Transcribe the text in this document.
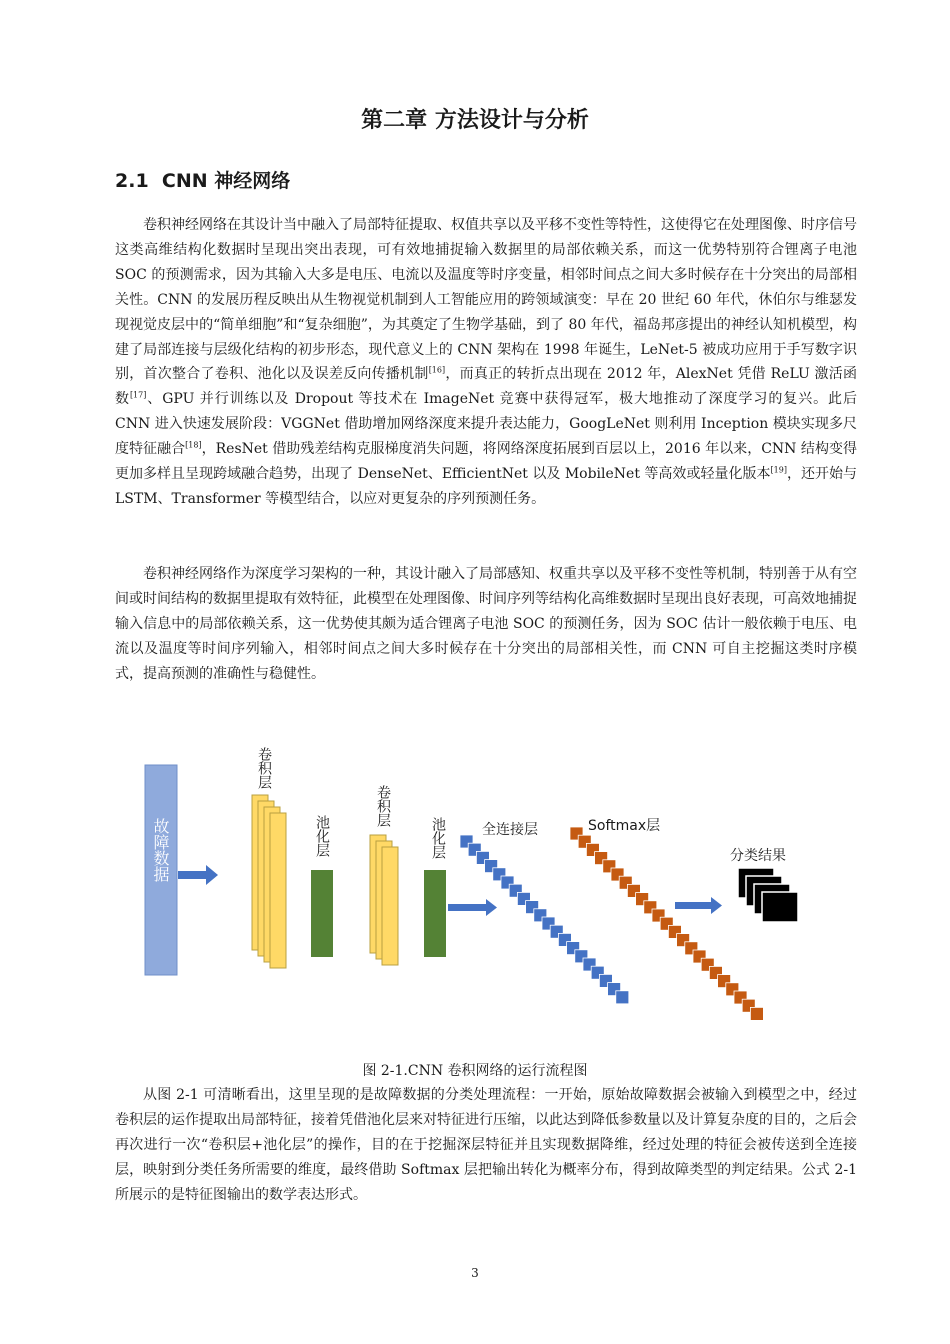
第二章 方法设计与分析
2.1 CNN 神经网络

卷积神经网络在其设计当中融入了局部特征提取、权值共享以及平移不变性等特性，这使得它在处理图像、时序信号这类高维结构化数据时呈现出突出表现，可有效地捕捉输入数据里的局部依赖关系，而这一优势特别符合锂离子电池 SOC 的预测需求，因为其输入大多是电压、电流以及温度等时序变量，相邻时间点之间大多时候存在十分突出的局部相关性。CNN 的发展历程反映出从生物视觉机制到人工智能应用的跨领域演变：早在 20 世纪 60 年代，休伯尔与维瑟发现视觉皮层中的“简单细胞”和“复杂细胞”，为其奠定了生物学基础，到了 80 年代，福岛邦彦提出的神经认知机模型，构建了局部连接与层级化结构的初步形态，现代意义上的 CNN 架构在 1998 年诞生，LeNet-5 被成功应用于手写数字识别，首次整合了卷积、池化以及误差反向传播机制[16]，而真正的转折点出现在 2012 年，AlexNet 凭借 ReLU 激活函数[17]、GPU 并行训练以及 Dropout 等技术在 ImageNet 竞赛中获得冠军，极大地推动了深度学习的复兴。此后 CNN 进入快速发展阶段：VGGNet 借助增加网络深度来提升表达能力，GoogLeNet 则利用 Inception 模块实现多尺度特征融合[18]，ResNet 借助残差结构克服梯度消失问题，将网络深度拓展到百层以上，2016 年以来，CNN 结构变得更加多样且呈现跨域融合趋势，出现了 DenseNet、EfficientNet 以及 MobileNet 等高效或轻量化版本[19]，还开始与 LSTM、Transformer 等模型结合，以应对更复杂的序列预测任务。

卷积神经网络作为深度学习架构的一种，其设计融入了局部感知、权重共享以及平移不变性等机制，特别善于从有空间或时间结构的数据里提取有效特征，此模型在处理图像、时间序列等结构化高维数据时呈现出良好表现，可高效地捕捉输入信息中的局部依赖关系，这一优势使其颇为适合锂离子电池 SOC 的预测任务，因为 SOC 估计一般依赖于电压、电流以及温度等时间序列输入，相邻时间点之间大多时候存在十分突出的局部相关性，而 CNN 可自主挖掘这类时序模式，提高预测的准确性与稳健性。

故障数据
卷积层
池化层
卷积层
池化层	全连接层	Softmax层
分类结果

图 2-1.CNN 卷积网络的运行流程图

从图 2-1 可清晰看出，这里呈现的是故障数据的分类处理流程：一开始，原始故障数据会被输入到模型之中，经过卷积层的运作提取出局部特征，接着凭借池化层来对特征进行压缩，以此达到降低参数量以及计算复杂度的目的，之后会再次进行一次“卷积层+池化层”的操作，目的在于挖掘深层特征并且实现数据降维，经过处理的特征会被传送到全连接层，映射到分类任务所需要的维度，最终借助 Softmax 层把输出转化为概率分布，得到故障类型的判定结果。公式 2-1 所展示的是特征图输出的数学表达形式。

3
